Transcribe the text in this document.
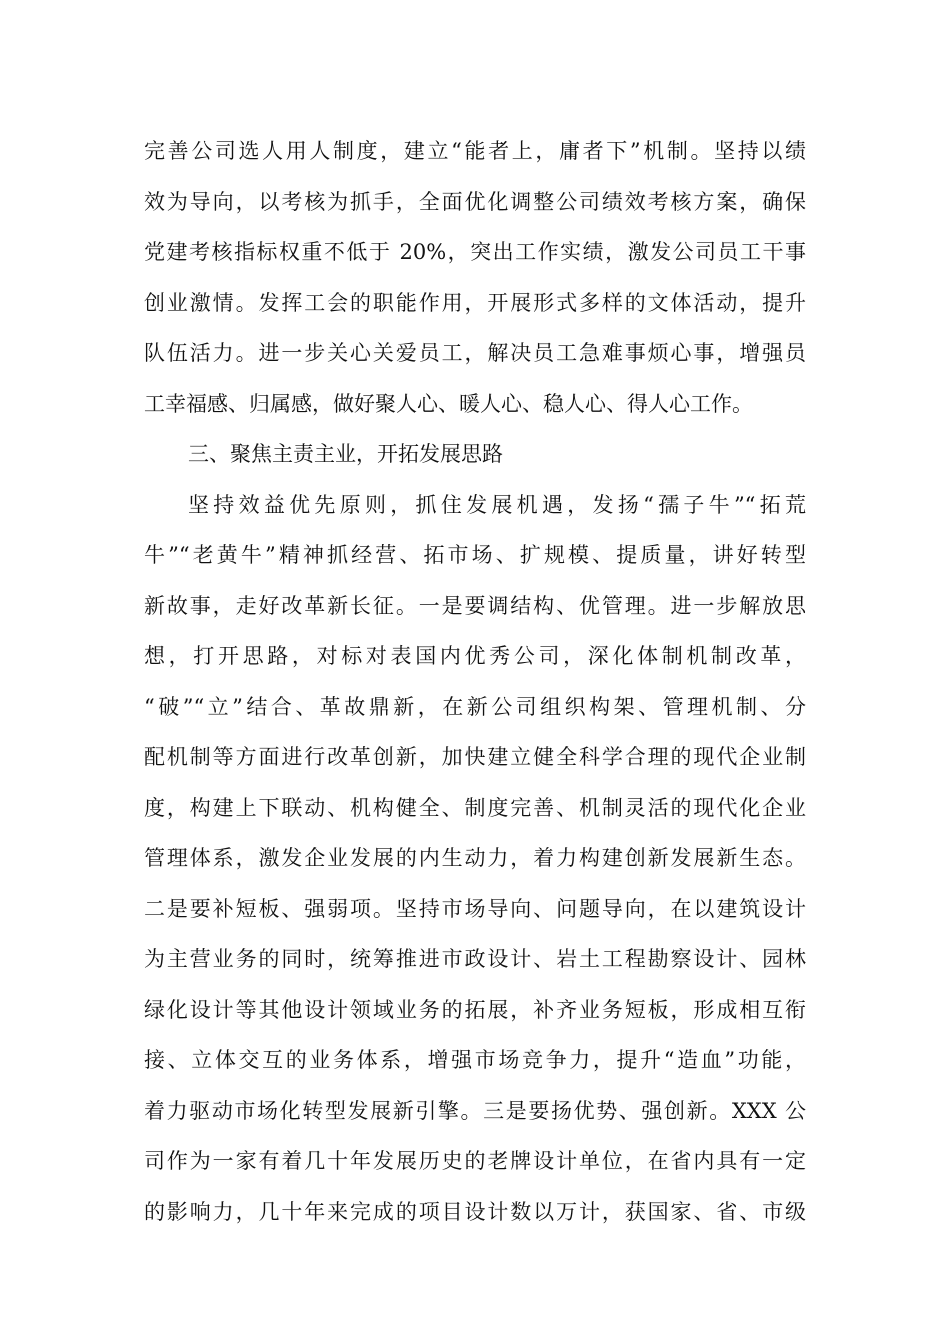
完善公司选人用人制度，建立“能者上，庸者下”机制。坚持以绩
效为导向，以考核为抓手，全面优化调整公司绩效考核方案，确保
党建考核指标权重不低于 20%，突出工作实绩，激发公司员工干事
创业激情。发挥工会的职能作用，开展形式多样的文体活动，提升
队伍活力。进一步关心关爱员工，解决员工急难事烦心事，增强员
工幸福感、归属感，做好聚人心、暖人心、稳人心、得人心工作。
三、聚焦主责主业，开拓发展思路
坚持效益优先原则，抓住发展机遇，发扬“孺子牛”“拓荒
牛”“老黄牛”精神抓经营、拓市场、扩规模、提质量，讲好转型
新故事，走好改革新长征。一是要调结构、优管理。进一步解放思
想，打开思路，对标对表国内优秀公司，深化体制机制改革，
“破”“立”结合、革故鼎新，在新公司组织构架、管理机制、分
配机制等方面进行改革创新，加快建立健全科学合理的现代企业制
度，构建上下联动、机构健全、制度完善、机制灵活的现代化企业
管理体系，激发企业发展的内生动力，着力构建创新发展新生态。
二是要补短板、强弱项。坚持市场导向、问题导向，在以建筑设计
为主营业务的同时，统筹推进市政设计、岩土工程勘察设计、园林
绿化设计等其他设计领域业务的拓展，补齐业务短板，形成相互衔
接、立体交互的业务体系，增强市场竞争力，提升“造血”功能，
着力驱动市场化转型发展新引擎。三是要扬优势、强创新。XXX 公
司作为一家有着几十年发展历史的老牌设计单位，在省内具有一定
的影响力，几十年来完成的项目设计数以万计，获国家、省、市级
